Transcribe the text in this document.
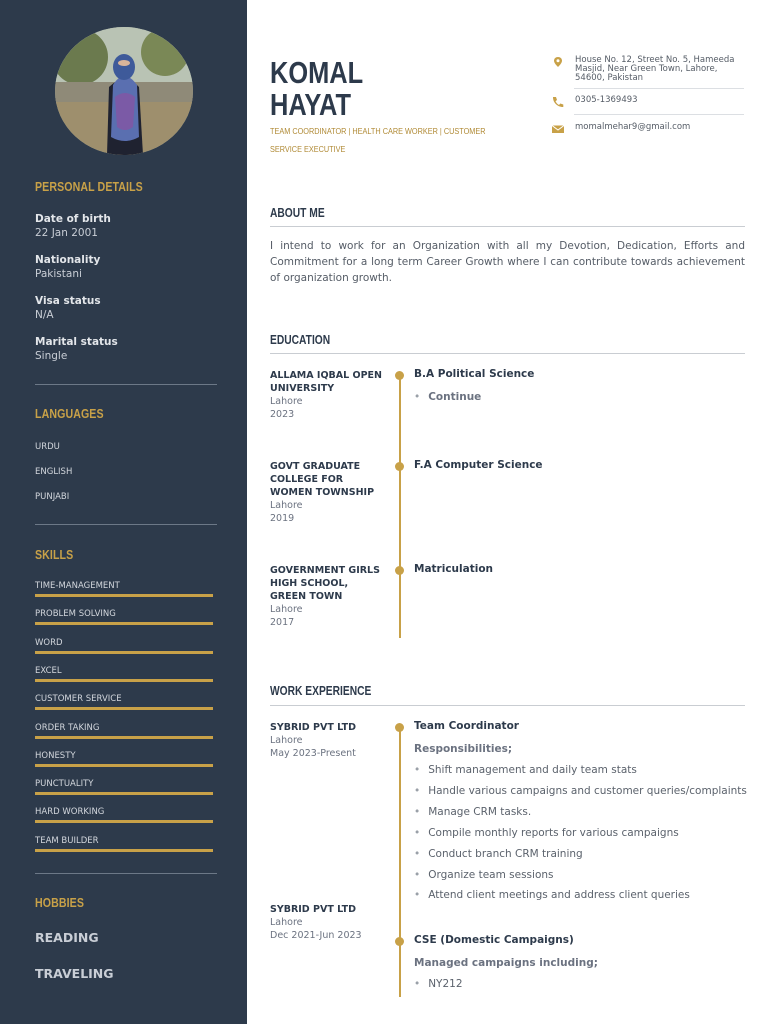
PERSONAL DETAILS
Date of birth
22 Jan 2001
Nationality
Pakistani
Visa status
N/A
Marital status
Single
LANGUAGES
URDU
ENGLISH
PUNJABI
SKILLS
TIME-MANAGEMENT
PROBLEM SOLVING
WORD
EXCEL
CUSTOMER SERVICE
ORDER TAKING
HONESTY
PUNCTUALITY
HARD WORKING
TEAM BUILDER
HOBBIES
READING
TRAVELING
KOMAL
HAYAT
TEAM COORDINATOR | HEALTH CARE WORKER | CUSTOMER SERVICE EXECUTIVE
House No. 12, Street No. 5, Hameeda Masjid, Near Green Town, Lahore, 54600, Pakistan
0305-1369493
momalmehar9@gmail.com
ABOUT ME
I intend to work for an Organization with all my Devotion, Dedication, Efforts and Commitment for a long term Career Growth where I can contribute towards achievement of organization growth.
EDUCATION
ALLAMA IQBAL OPEN UNIVERSITY
Lahore
2023
B.A Political Science
• Continue
GOVT GRADUATE COLLEGE FOR WOMEN TOWNSHIP
Lahore
2019
F.A Computer Science
GOVERNMENT GIRLS HIGH SCHOOL, GREEN TOWN
Lahore
2017
Matriculation
WORK EXPERIENCE
SYBRID PVT LTD
Lahore
May 2023-Present
Team Coordinator
Responsibilities;
• Shift management and daily team stats
• Handle various campaigns and customer queries/complaints
• Manage CRM tasks.
• Compile monthly reports for various campaigns
• Conduct branch CRM training
• Organize team sessions
• Attend client meetings and address client queries
SYBRID PVT LTD
Lahore
Dec 2021-Jun 2023	CSE (Domestic Campaigns)
Managed campaigns including;
• NY212
